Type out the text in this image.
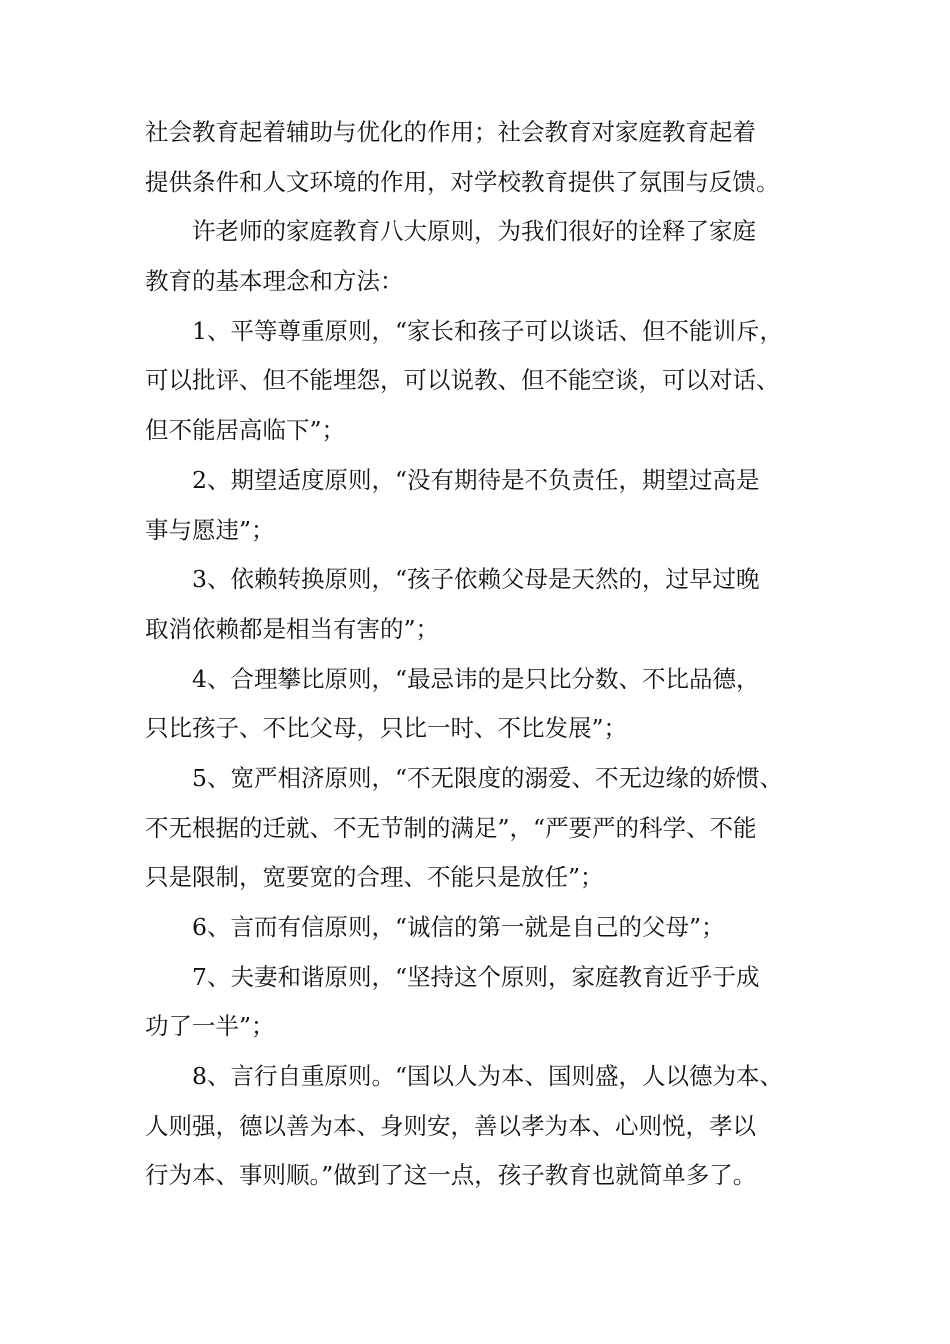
社会教育起着辅助与优化的作用；社会教育对家庭教育起着
提供条件和人文环境的作用，对学校教育提供了氛围与反馈。
许老师的家庭教育八大原则，为我们很好的诠释了家庭
教育的基本理念和方法：
1、平等尊重原则，“家长和孩子可以谈话、但不能训斥，
可以批评、但不能埋怨，可以说教、但不能空谈，可以对话、
但不能居高临下”；
2、期望适度原则，“没有期待是不负责任，期望过高是
事与愿违”；
3、依赖转换原则，“孩子依赖父母是天然的，过早过晚
取消依赖都是相当有害的”；
4、合理攀比原则，“最忌讳的是只比分数、不比品德，
只比孩子、不比父母，只比一时、不比发展”；
5、宽严相济原则，“不无限度的溺爱、不无边缘的娇惯、
不无根据的迁就、不无节制的满足”，“严要严的科学、不能
只是限制，宽要宽的合理、不能只是放任”；
6、言而有信原则，“诚信的第一就是自己的父母”；
7、夫妻和谐原则，“坚持这个原则，家庭教育近乎于成
功了一半”；
8、言行自重原则。“国以人为本、国则盛，人以德为本、
人则强，德以善为本、身则安，善以孝为本、心则悦，孝以
行为本、事则顺。”做到了这一点，孩子教育也就简单多了。
